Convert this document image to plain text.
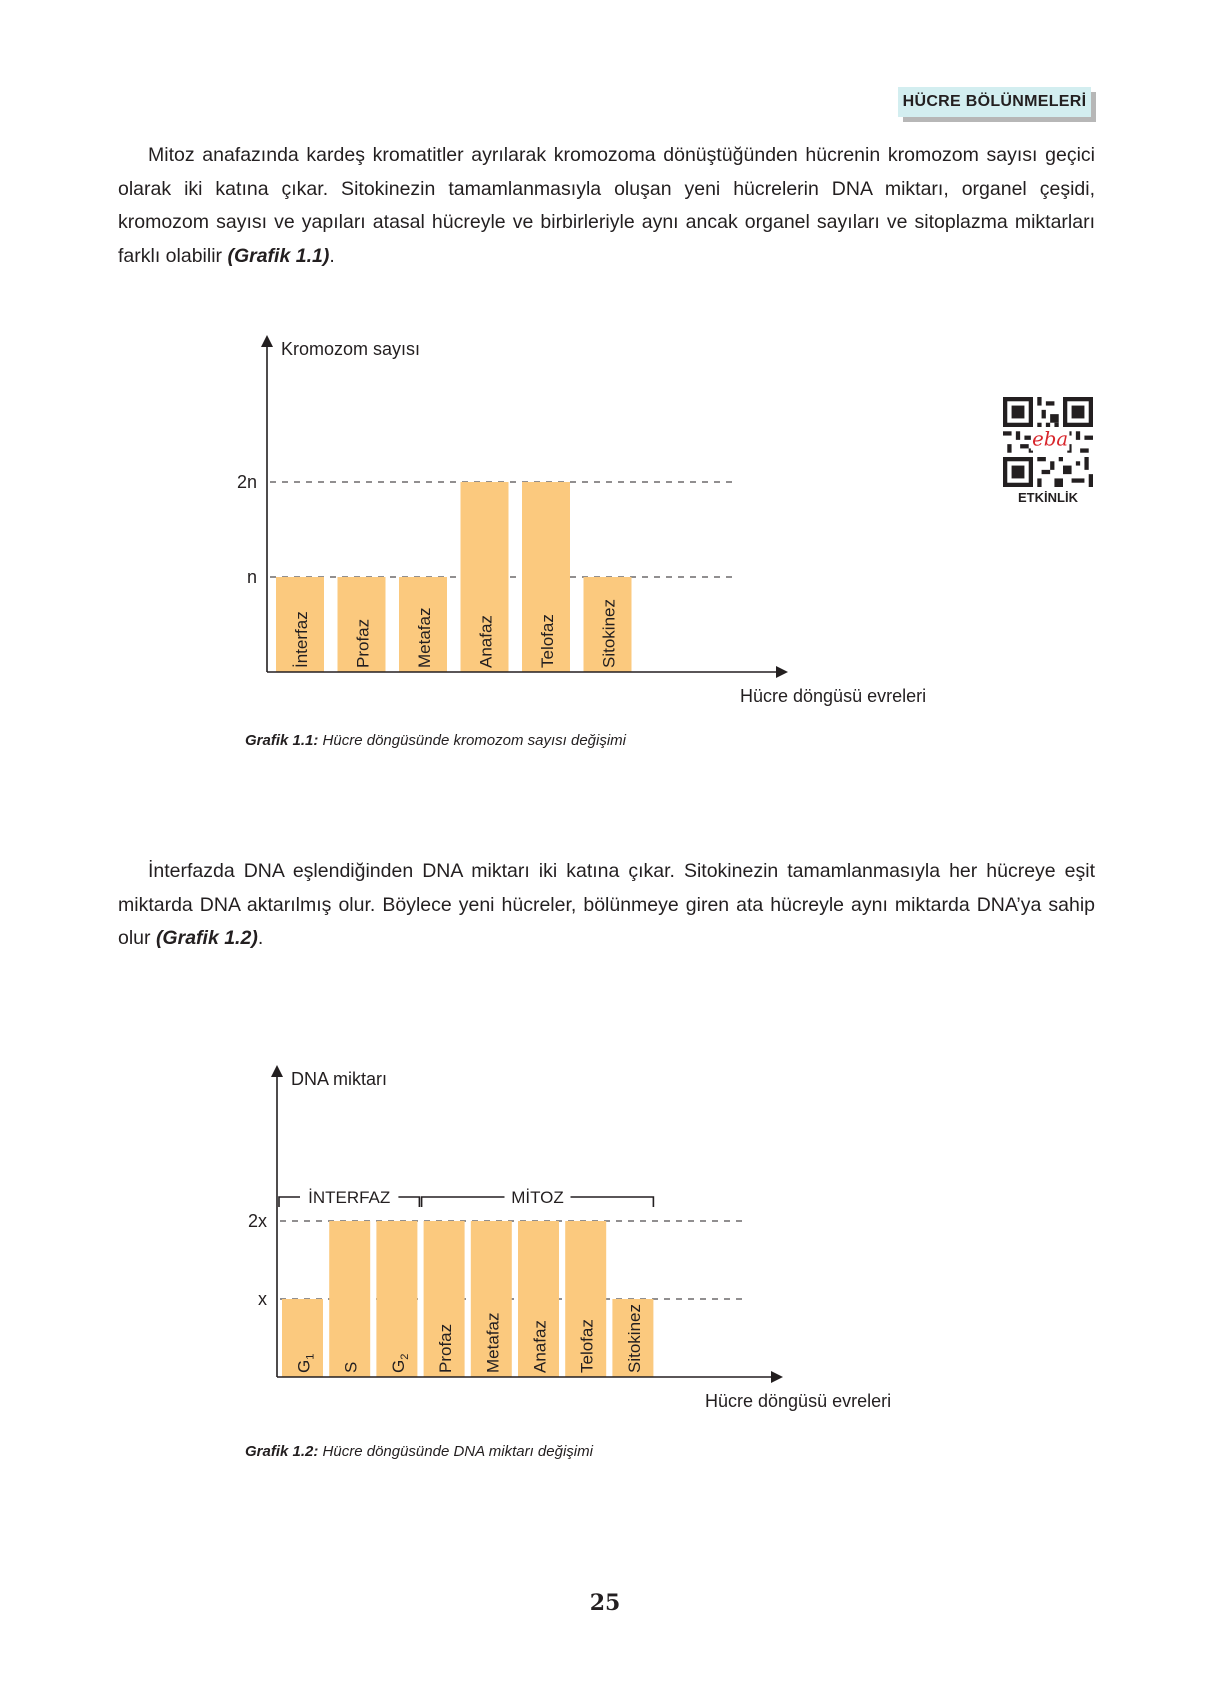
HÜCRE BÖLÜNMELERİ

Mitoz anafazında kardeş kromatitler ayrılarak kromozoma dönüştüğünden hücrenin kromozom sayısı geçici olarak iki katına çıkar. Sitokinezin tamamlanmasıyla oluşan yeni hücrelerin DNA miktarı, organel çeşidi, kromozom sayısı ve yapıları atasal hücreyle ve birbirleriyle aynı ancak organel sayıları ve sitoplazma miktarları farklı olabilir (Grafik 1.1).

n
2n
İnterfaz	Profaz	Metafaz	Anafaz	Telofaz	Sitokinez
Kromozom sayısı
Hücre döngüsü evreleri
Grafik 1.1: Hücre döngüsünde kromozom sayısı değişimi
eba
ETKİNLİK

İnterfazda DNA eşlendiğinden DNA miktarı iki katına çıkar. Sitokinezin tamamlanmasıyla her hücreye eşit miktarda DNA aktarılmış olur. Böylece yeni hücreler, bölünmeye giren ata hücreyle aynı miktarda DNA’ya sahip olur (Grafik 1.2).

x
2x
$G_1$
S $G_2$ Profaz Metafaz Anafaz Telofaz Sitokinez
DNA miktarı
Hücre döngüsü evreleri
İNTERFAZ	MİTOZ
Grafik 1.2: Hücre döngüsünde DNA miktarı değişimi
25
